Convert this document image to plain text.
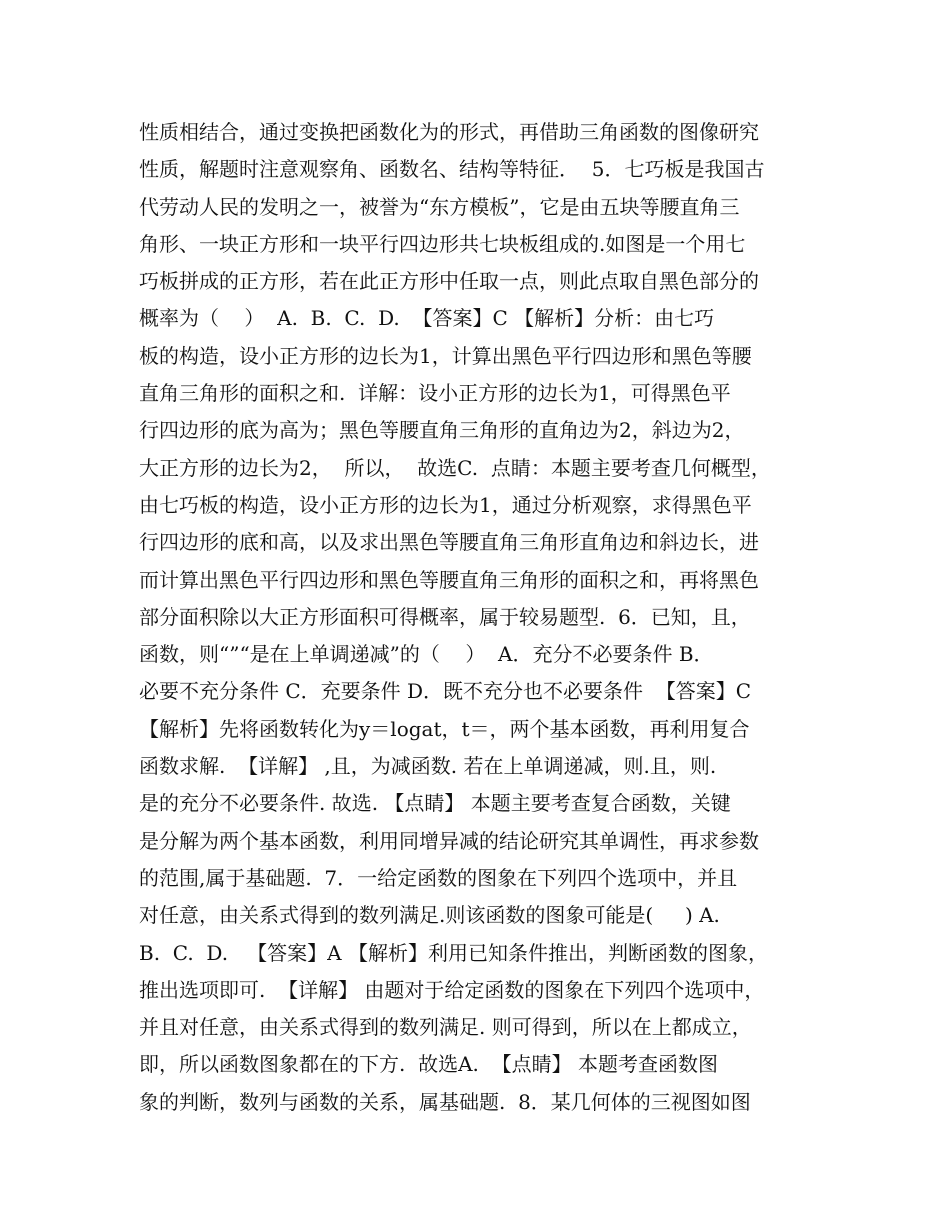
性质相结合，通过变换把函数化为的形式，再借助三角函数的图像研究
性质，解题时注意观察角、函数名、结构等特征．  5．七巧板是我国古
代劳动人民的发明之一，被誉为“东方模板”，它是由五块等腰直角三
角形、一块正方形和一块平行四边形共七块板组成的.如图是一个用七
巧板拼成的正方形，若在此正方形中任取一点，则此点取自黑色部分的
概率为（    ）  A.  B.  C.  D.  【答案】C 【解析】分析：由七巧
板的构造，设小正方形的边长为1，计算出黑色平行四边形和黑色等腰
直角三角形的面积之和.  详解：设小正方形的边长为1，可得黑色平
行四边形的底为高为；黑色等腰直角三角形的直角边为2，斜边为2，
大正方形的边长为2，  所以，  故选C.  点睛：本题主要考查几何概型，
由七巧板的构造，设小正方形的边长为1，通过分析观察，求得黑色平
行四边形的底和高，以及求出黑色等腰直角三角形直角边和斜边长，进
而计算出黑色平行四边形和黑色等腰直角三角形的面积之和，再将黑色
部分面积除以大正方形面积可得概率，属于较易题型.  6．已知，且，
函数，则“”“是在上单调递减”的（    ）  A．充分不必要条件 B．
必要不充分条件 C．充要条件 D．既不充分也不必要条件  【答案】C
【解析】先将函数转化为y＝logat，t＝，两个基本函数，再利用复合
函数求解.  【详解】 ,且，为减函数. 若在上单调递减，则.且，则.
是的充分不必要条件. 故选. 【点睛】 本题主要考查复合函数，关键
是分解为两个基本函数，利用同增异减的结论研究其单调性，再求参数
的范围,属于基础题.  7．一给定函数的图象在下列四个选项中，并且
对任意，由关系式得到的数列满足.则该函数的图象可能是(     ) A.
B.  C.  D.   【答案】A 【解析】利用已知条件推出，判断函数的图象，
推出选项即可.  【详解】 由题对于给定函数的图象在下列四个选项中，
并且对任意，由关系式得到的数列满足. 则可得到，所以在上都成立，
即，所以函数图象都在的下方.  故选A.  【点睛】 本题考查函数图
象的判断，数列与函数的关系，属基础题.  8．某几何体的三视图如图
